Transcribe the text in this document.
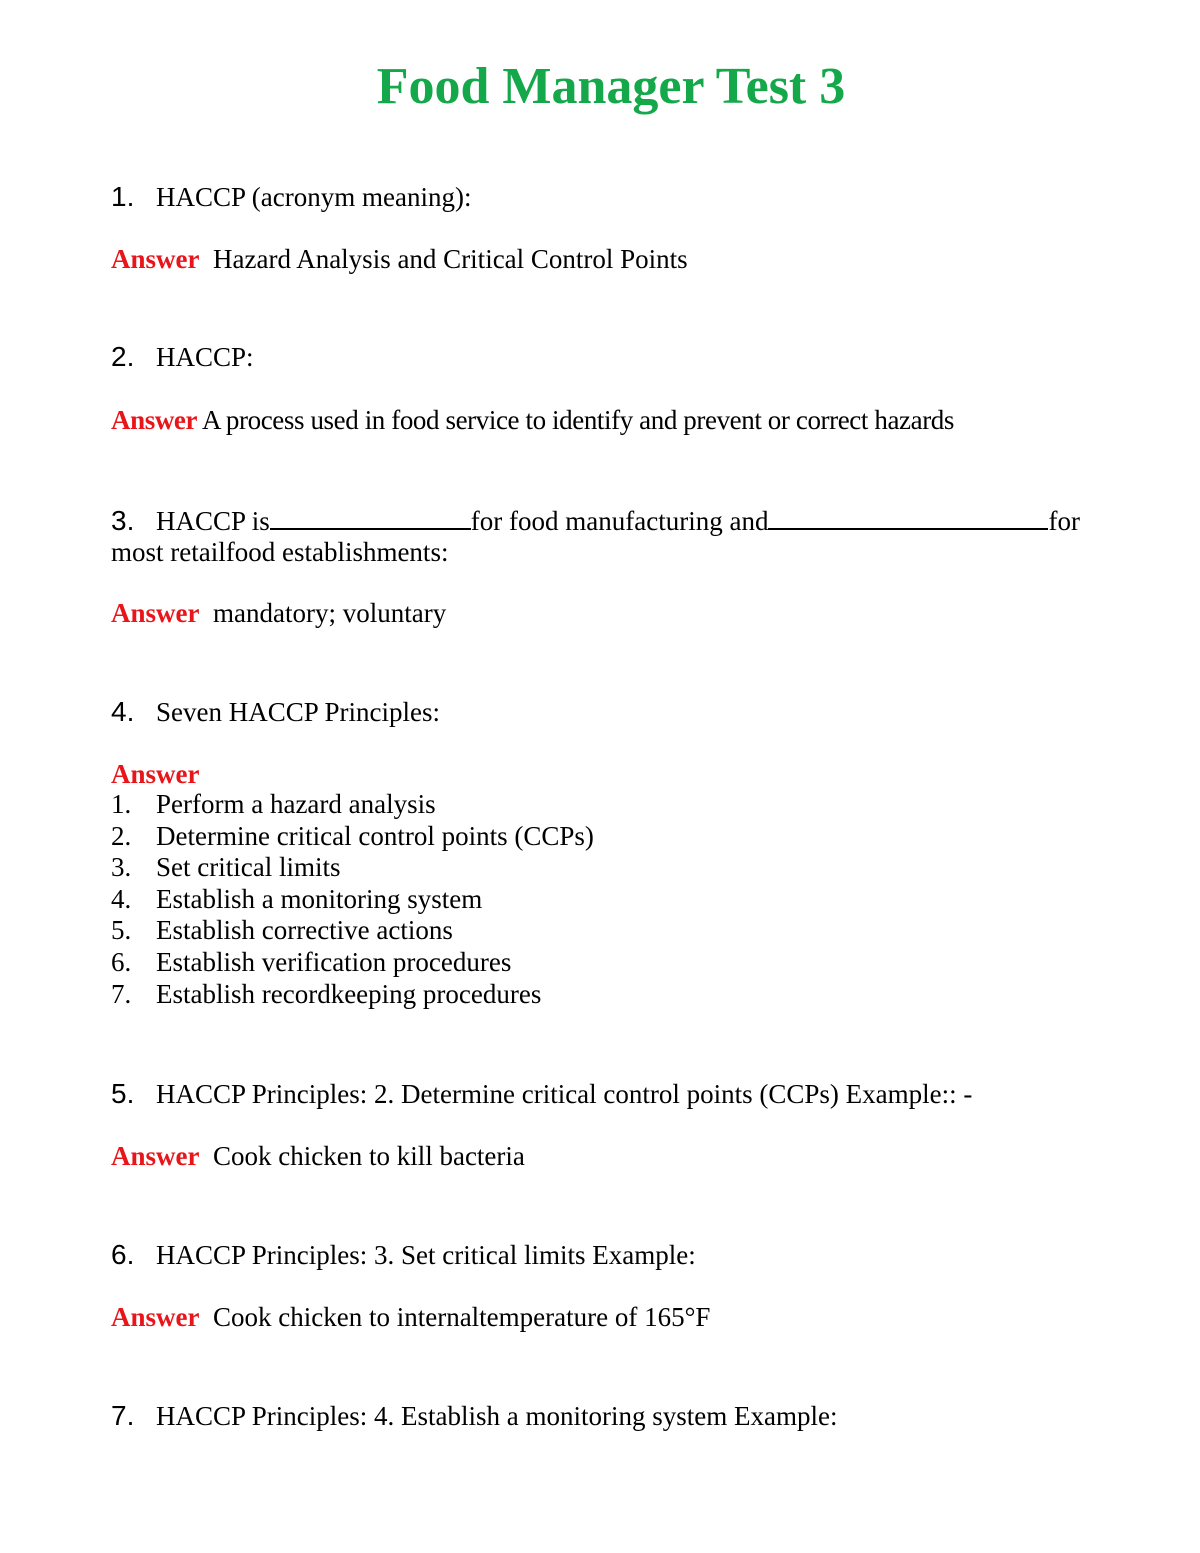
Food Manager Test 3
1. HACCP (acronym meaning):
Answer Hazard Analysis and Critical Control Points
2. HACCP:
Answer A process used in food service to identify and prevent or correct hazards
3. HACCP is	for food manufacturing and	for
most retailfood establishments:
Answer mandatory; voluntary
4. Seven HACCP Principles:
Answer
1. Perform a hazard analysis
2. Determine critical control points (CCPs)
3. Set critical limits
4. Establish a monitoring system
5. Establish corrective actions
6. Establish verification procedures
7. Establish recordkeeping procedures
5. HACCP Principles: 2. Determine critical control points (CCPs) Example:: -
Answer Cook chicken to kill bacteria
6. HACCP Principles: 3. Set critical limits Example:
Answer Cook chicken to internaltemperature of 165°F
7. HACCP Principles: 4. Establish a monitoring system Example:
